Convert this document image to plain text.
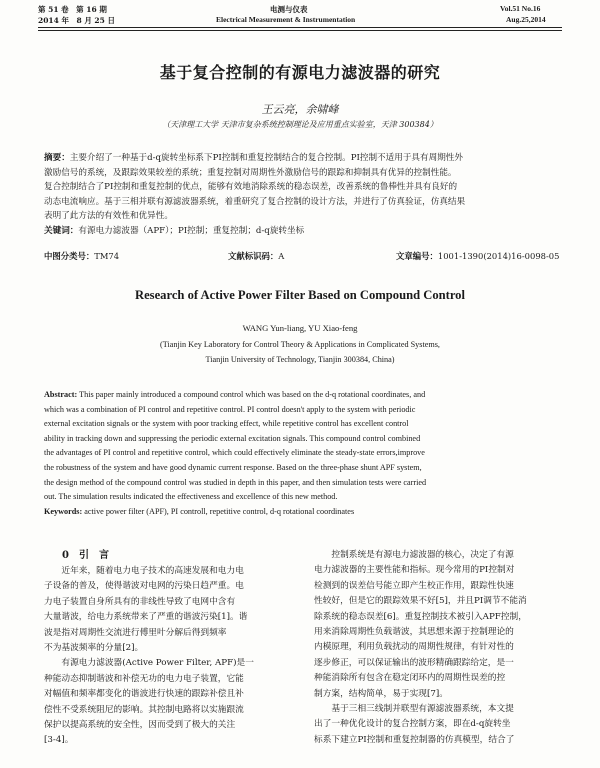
第 51 卷　第 16 期	电测与仪表	Vol.51 No.16
2014 年　8 月 25 日	Electrical Measurement & Instrumentation	Aug.25,2014
基于复合控制的有源电力滤波器的研究
王云亮，余啸峰
（天津理工大学 天津市复杂系统控制理论及应用重点实验室，天津 300384）
摘要：主要介绍了一种基于d-q旋转坐标系下PI控制和重复控制结合的复合控制。PI控制不适用于具有周期性外
激励信号的系统，及跟踪效果较差的系统；重复控制对周期性外激励信号的跟踪和抑制具有优异的控制性能。
复合控制结合了PI控制和重复控制的优点，能够有效地消除系统的稳态误差，改善系统的鲁棒性并具有良好的
动态电流响应。基于三相并联有源滤波器系统，着重研究了复合控制的设计方法，并进行了仿真验证，仿真结果
表明了此方法的有效性和优异性。
关键词：有源电力滤波器（APF）；PI控制；重复控制；d-q旋转坐标
中图分类号：TM74	文献标识码：A	文章编号：1001-1390(2014)16-0098-05
Research of Active Power Filter Based on Compound Control
WANG Yun-liang, YU Xiao-feng
(Tianjin Key Laboratory for Control Theory & Applications in Complicated Systems,
Tianjin University of Technology, Tianjin 300384, China)
Abstract: This paper mainly introduced a compound control which was based on the d-q rotational coordinates, and
which was a combination of PI control and repetitive control. PI control doesn't apply to the system with periodic
external excitation signals or the system with poor tracking effect, while repetitive control has excellent control
ability in tracking down and suppressing the periodic external excitation signals. This compound control combined
the advantages of PI control and repetitive control, which could effectively eliminate the steady-state errors,improve
the robustness of the system and have good dynamic current response. Based on the three-phase shunt APF system,
the design method of the compound control was studied in depth in this paper, and then simulation tests were carried
out. The simulation results indicated the effectiveness and excellence of this new method.
Keywords: active power filter (APF), PI controll, repetitive control, d-q rotational coordinates
0　引　言
近年来，随着电力电子技术的高速发展和电力电
子设备的普及，使得谐波对电网的污染日趋严重。电
力电子装置自身所具有的非线性导致了电网中含有
大量谐波，给电力系统带来了严重的谐波污染[1]。谐
波是指对周期性交流进行傅里叶分解后得到频率
不为基波频率的分量[2]。
有源电力滤波器(Active Power Filter, APF)是一
种能动态抑制谐波和补偿无功的电力电子装置，它能
对幅值和频率都变化的谐波进行快速的跟踪补偿且补
偿性不受系统阻尼的影响。其控制电路将以实施跟流
保护以提高系统的安全性，因而受到了极大的关注
[3-4]。
控制系统是有源电力滤波器的核心，决定了有源
电力滤波器的主要性能和指标。现今常用的PI控制对
检测到的误差信号能立即产生校正作用，跟踪性快速
性较好，但是它的跟踪效果不好[5]，并且PI调节不能消
除系统的稳态误差[6]。重复控制技术被引入APF控制，
用来消除周期性负载谐波，其思想来源于控制理论的
内模原理，利用负载扰动的周期性规律，有针对性的
逐步修正，可以保证输出的波形精确跟踪给定，是一
种能消除所有包含在稳定闭环内的周期性误差的控
制方案，结构简单，易于实现[7]。
基于三相三线制并联型有源滤波器系统，本文提
出了一种优化设计的复合控制方案，即在d-q旋转坐
标系下建立PI控制和重复控制器的仿真模型，结合了
